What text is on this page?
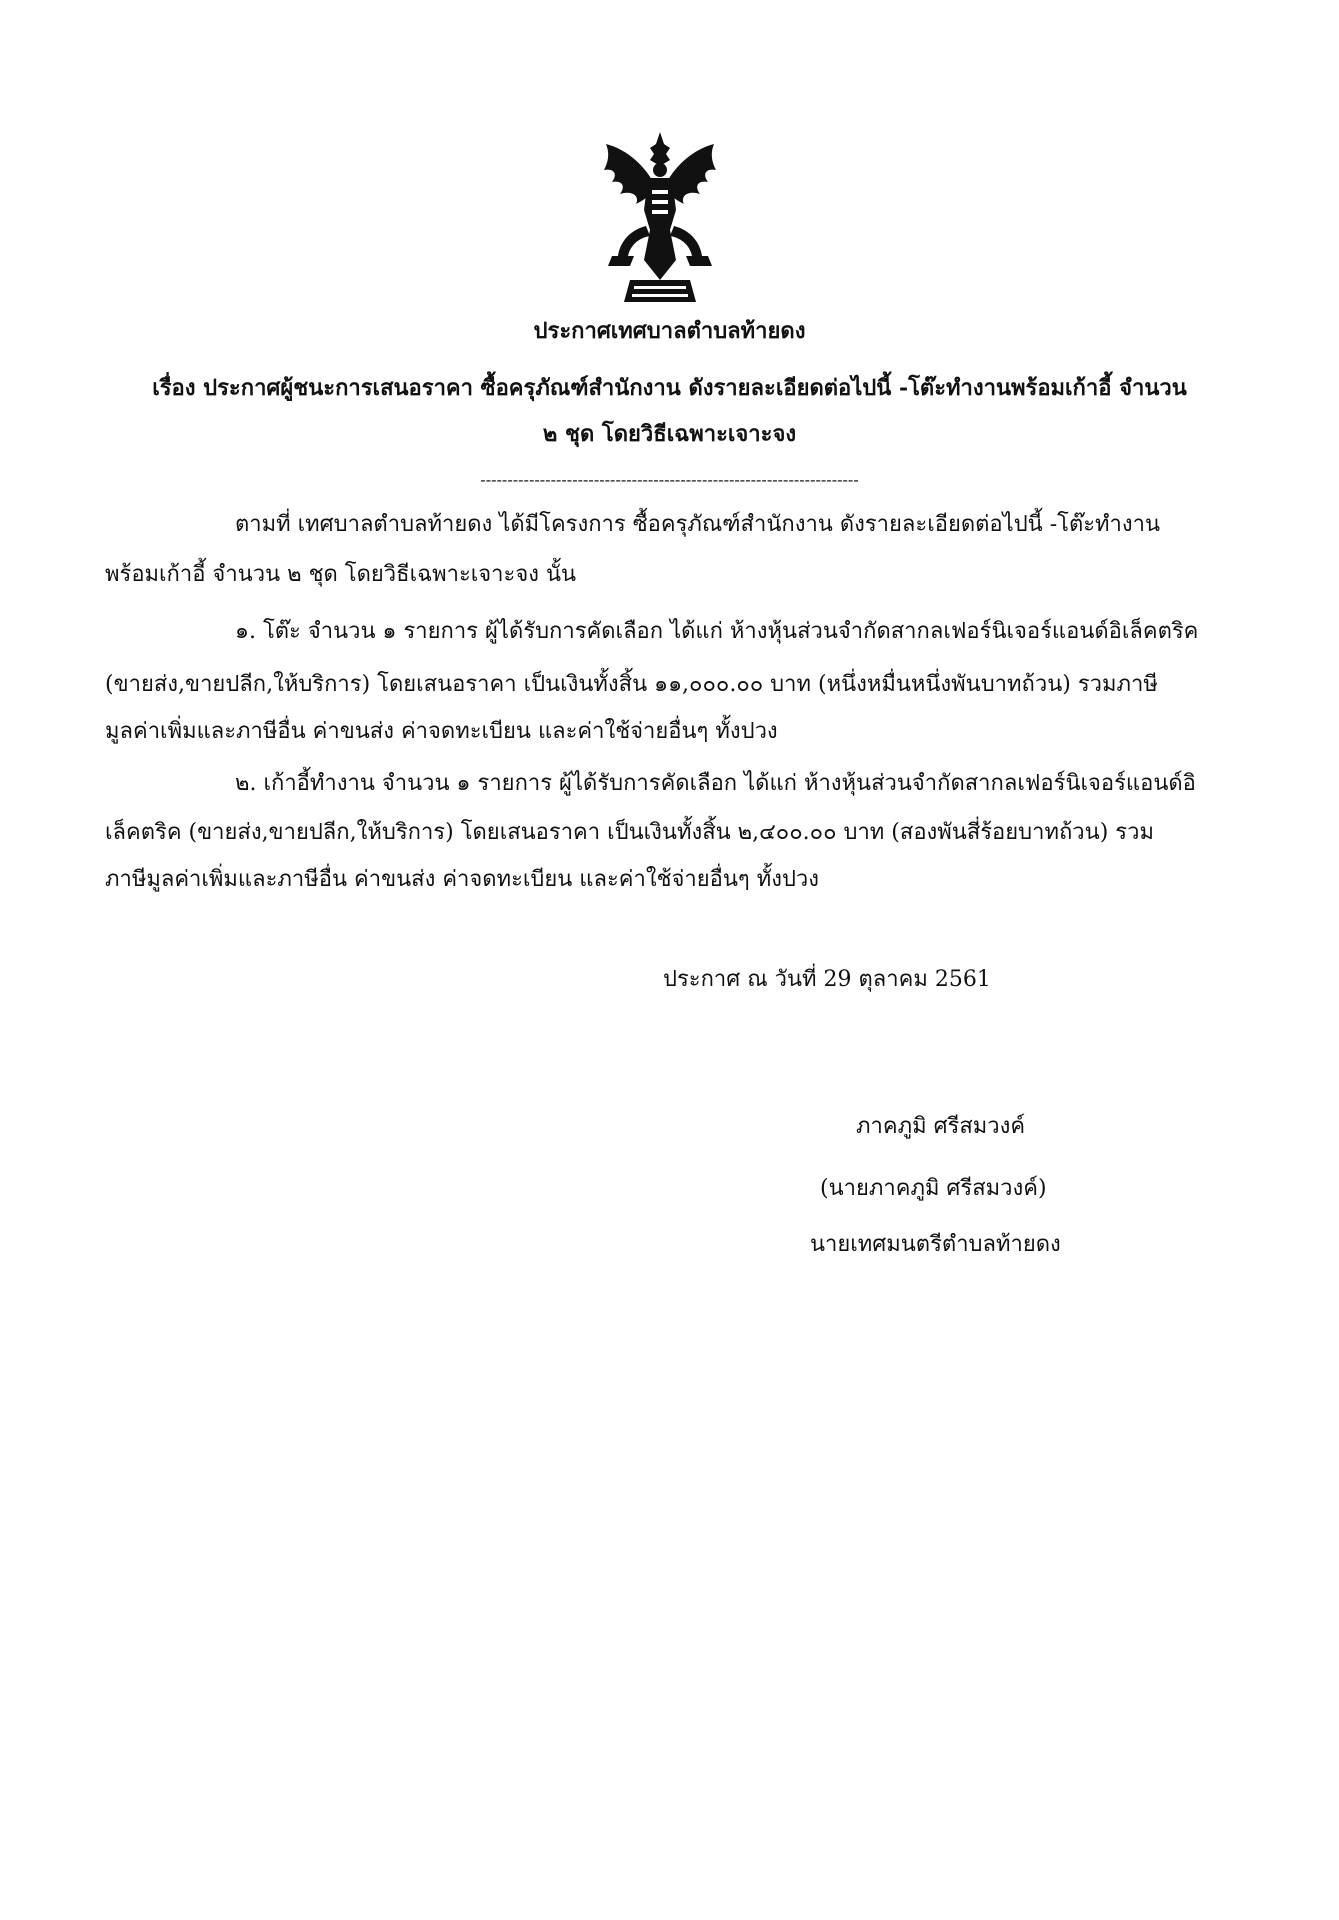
ประกาศเทศบาลตำบลท้ายดง
เรื่อง ประกาศผู้ชนะการเสนอราคา ซื้อครุภัณฑ์สำนักงาน ดังรายละเอียดต่อไปนี้ -โต๊ะทำงานพร้อมเก้าอี้ จำนวน
๒ ชุด โดยวิธีเฉพาะเจาะจง
----------------------------------------------------------------------
ตามที่ เทศบาลตำบลท้ายดง ได้มีโครงการ ซื้อครุภัณฑ์สำนักงาน ดังรายละเอียดต่อไปนี้ -โต๊ะทำงาน
พร้อมเก้าอี้ จำนวน ๒ ชุด โดยวิธีเฉพาะเจาะจง นั้น
๑. โต๊ะ จำนวน ๑ รายการ ผู้ได้รับการคัดเลือก ได้แก่ ห้างหุ้นส่วนจำกัดสากลเฟอร์นิเจอร์แอนด์อิเล็คตริค
(ขายส่ง,ขายปลีก,ให้บริการ) โดยเสนอราคา เป็นเงินทั้งสิ้น ๑๑,๐๐๐.๐๐ บาท (หนึ่งหมื่นหนึ่งพันบาทถ้วน) รวมภาษี
มูลค่าเพิ่มและภาษีอื่น ค่าขนส่ง ค่าจดทะเบียน และค่าใช้จ่ายอื่นๆ ทั้งปวง
๒. เก้าอี้ทำงาน จำนวน ๑ รายการ ผู้ได้รับการคัดเลือก ได้แก่ ห้างหุ้นส่วนจำกัดสากลเฟอร์นิเจอร์แอนด์อิ
เล็คตริค (ขายส่ง,ขายปลีก,ให้บริการ) โดยเสนอราคา เป็นเงินทั้งสิ้น ๒,๔๐๐.๐๐ บาท (สองพันสี่ร้อยบาทถ้วน) รวม
ภาษีมูลค่าเพิ่มและภาษีอื่น ค่าขนส่ง ค่าจดทะเบียน และค่าใช้จ่ายอื่นๆ ทั้งปวง
ประกาศ ณ วันที่ 29 ตุลาคม 2561
ภาคภูมิ ศรีสมวงค์
(นายภาคภูมิ ศรีสมวงค์)
นายเทศมนตรีตำบลท้ายดง
